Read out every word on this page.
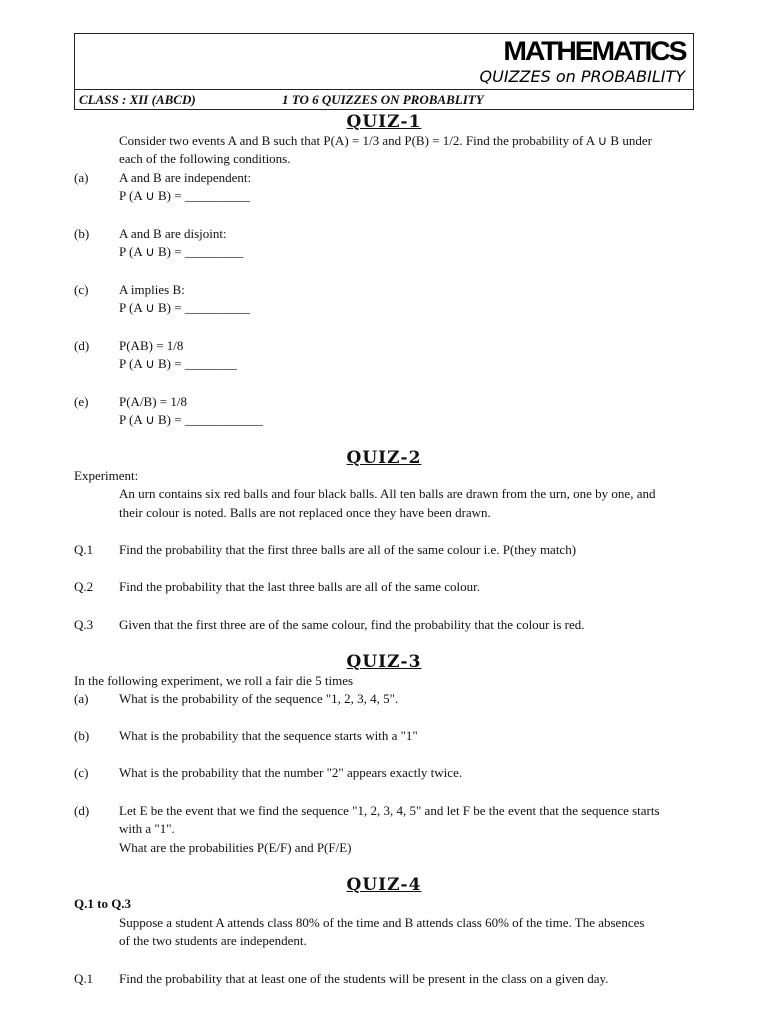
MATHEMATICS
QUIZZES on PROBABILITY
CLASS : XII (ABCD)	1 TO 6 QUIZZES ON PROBABLITY
QUIZ-1
Consider two events A and B such that P(A) = 1/3 and P(B) = 1/2. Find the probability of A ∪ B under
each of the following conditions.
(a) A and B are independent:
P (A ∪ B) = __________
(b) A and B are disjoint:
P (A ∪ B) = _________
(c) A implies B:
P (A ∪ B) = __________
(d) P(AB) = 1/8
P (A ∪ B) = ________
(e) P(A/B) = 1/8
P (A ∪ B) = ____________
QUIZ-2
Experiment:
An urn contains six red balls and four black balls. All ten balls are drawn from the urn, one by one, and
their colour is noted. Balls are not replaced once they have been drawn.
Q.1 Find the probability that the first three balls are all of the same colour i.e. P(they match)
Q.2 Find the probability that the last three balls are all of the same colour.
Q.3 Given that the first three are of the same colour, find the probability that the colour is red.
QUIZ-3
In the following experiment, we roll a fair die 5 times
(a) What is the probability of the sequence "1, 2, 3, 4, 5".
(b) What is the probability that the sequence starts with a "1"
(c) What is the probability that the number "2" appears exactly twice.
(d) Let E be the event that we find the sequence "1, 2, 3, 4, 5" and let F be the event that the sequence starts
with a "1".
What are the probabilities P(E/F) and P(F/E)
QUIZ-4
Q.1 to Q.3
Suppose a student A attends class 80% of the time and B attends class 60% of the time. The absences
of the two students are independent.
Q.1 Find the probability that at least one of the students will be present in the class on a given day.
